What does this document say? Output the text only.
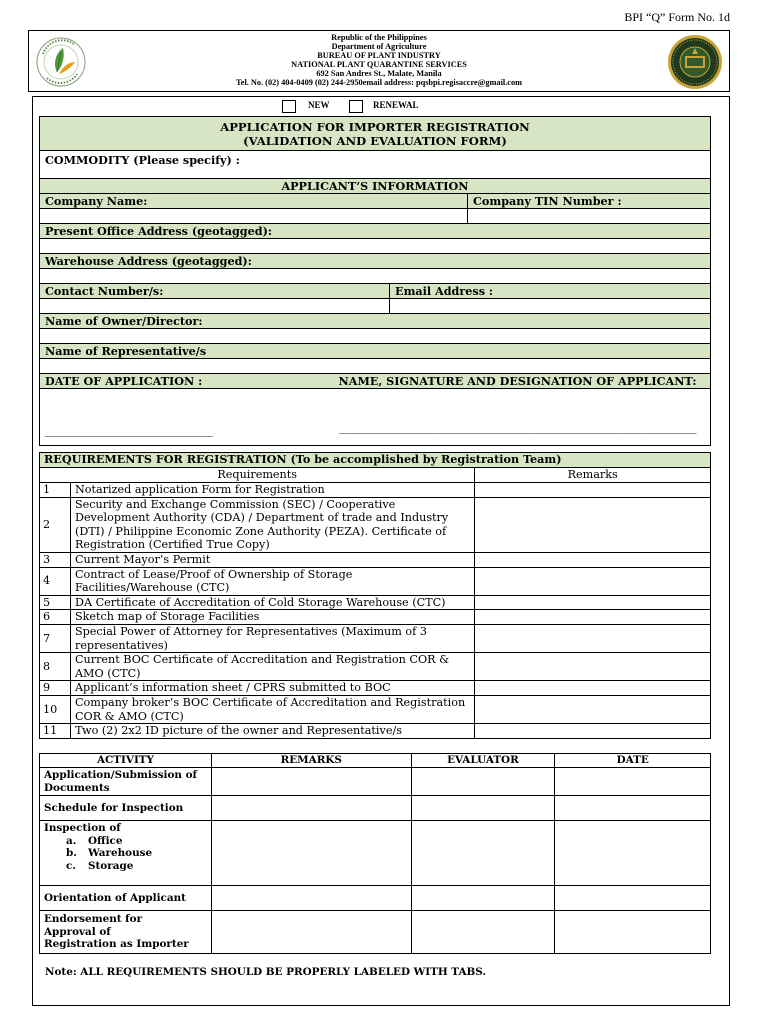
BPI “Q” Form No. 1d
Republic of the Philippines
Department of Agriculture
BUREAU OF PLANT INDUSTRY
NATIONAL PLANT QUARANTINE SERVICES
692 San Andres St., Malate, Manila
Tel. No. (02) 404-0409 (02) 244-2950email address: pqsbpi.regisaccre@gmail.com
NEW	RENEWAL
APPLICATION FOR IMPORTER REGISTRATION
(VALIDATION AND EVALUATION FORM)		

COMMODITY (Please specify) :		
APPLICANT’S INFORMATION		
Company Name:		Company TIN Number :

Present Office Address (geotagged):		

Warehouse Address (geotagged):		

Contact Number/s:	Email Address :	

Name of Owner/Director:		

Name of Representative/s		

DATE OF APPLICATION :	NAME, SIGNATURE AND DESIGNATION OF APPLICANT:	
______________________________	________________________________________________________________	
REQUIREMENTS FOR REGISTRATION (To be accomplished by Registration Team)		
Requirements		Remarks
1	Notarized application Form for Registration	
2	Security and Exchange Commission (SEC) / Cooperative Development Authority (CDA) / Department of trade and Industry (DTI) / Philippine Economic Zone Authority (PEZA). Certificate of Registration (Certified True Copy)	
3	Current Mayor’s Permit	
4	Contract of Lease/Proof of Ownership of Storage Facilities/Warehouse (CTC)	
5	DA Certificate of Accreditation of Cold Storage Warehouse (CTC)	
6	Sketch map of Storage Facilities	
7	Special Power of Attorney for Representatives (Maximum of 3 representatives)	
8	Current BOC Certificate of Accreditation and Registration COR & AMO (CTC)	
9	Applicant’s information sheet / CPRS submitted to BOC	
10	Company broker’s BOC Certificate of Accreditation and Registration COR & AMO (CTC)	
11	Two (2) 2x2 ID picture of the owner and Representative/s	
ACTIVITY	REMARKS	EVALUATOR	DATE
Application/Submission of Documents			
Schedule for Inspection			

Inspection of
a. Office
b. Warehouse
c. Storage			

Orientation of Applicant			

Endorsement for
Approval of
Registration as Importer			

Note: ALL REQUIREMENTS SHOULD BE PROPERLY LABELED WITH TABS.
